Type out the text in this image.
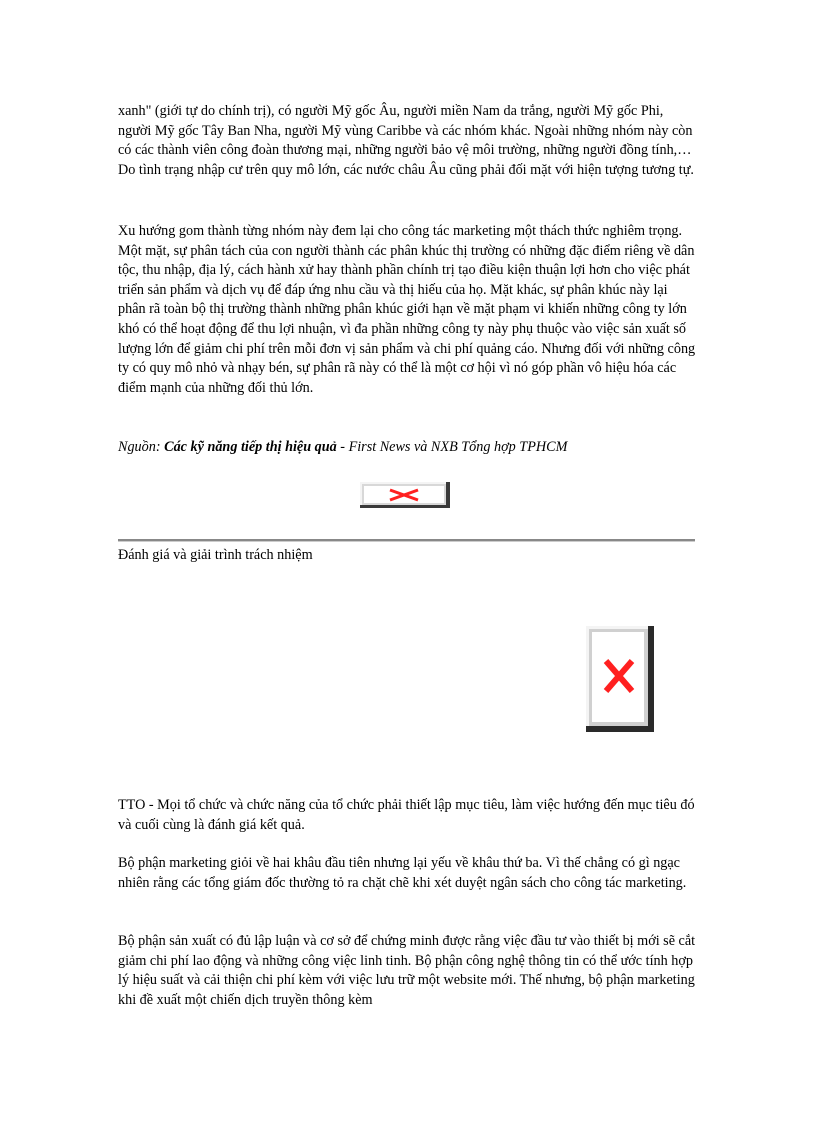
xanh" (giới tự do chính trị), có người Mỹ gốc Âu, người miền Nam da trắng, người Mỹ gốc Phi, người Mỹ gốc Tây Ban Nha, người Mỹ vùng Caribbe và các nhóm khác. Ngoài những nhóm này còn có các thành viên công đoàn thương mại, những người bảo vệ môi trường, những người đồng tính,… Do tình trạng nhập cư trên quy mô lớn, các nước châu Âu cũng phải đối mặt với hiện tượng tương tự.

Xu hướng gom thành từng nhóm này đem lại cho công tác marketing một thách thức nghiêm trọng. Một mặt, sự phân tách của con người thành các phân khúc thị trường có những đặc điểm riêng về dân tộc, thu nhập, địa lý, cách hành xử hay thành phần chính trị tạo điều kiện thuận lợi hơn cho việc phát triển sản phẩm và dịch vụ để đáp ứng nhu cầu và thị hiếu của họ. Mặt khác, sự phân khúc này lại phân rã toàn bộ thị trường thành những phân khúc giới hạn về mặt phạm vi khiến những công ty lớn khó có thể hoạt động để thu lợi nhuận, vì đa phần những công ty này phụ thuộc vào việc sản xuất số lượng lớn để giảm chi phí trên mỗi đơn vị sản phẩm và chi phí quảng cáo. Nhưng đối với những công ty có quy mô nhỏ và nhạy bén, sự phân rã này có thể là một cơ hội vì nó góp phần vô hiệu hóa các điểm mạnh của những đối thủ lớn.

Nguồn: Các kỹ năng tiếp thị hiệu quả - First News và NXB Tổng hợp TPHCM
Đánh giá và giải trình trách nhiệm

TTO - Mọi tổ chức và chức năng của tổ chức phải thiết lập mục tiêu, làm việc hướng đến mục tiêu đó và cuối cùng là đánh giá kết quả.

Bộ phận marketing giỏi về hai khâu đầu tiên nhưng lại yếu về khâu thứ ba. Vì thế chẳng có gì ngạc nhiên rằng các tổng giám đốc thường tỏ ra chặt chẽ khi xét duyệt ngân sách cho công tác marketing.

Bộ phận sản xuất có đủ lập luận và cơ sở để chứng minh được rằng việc đầu tư vào thiết bị mới sẽ cắt giảm chi phí lao động và những công việc linh tinh. Bộ phận công nghệ thông tin có thể ước tính hợp lý hiệu suất và cải thiện chi phí kèm với việc lưu trữ một website mới. Thế nhưng, bộ phận marketing khi đề xuất một chiến dịch truyền thông kèm
